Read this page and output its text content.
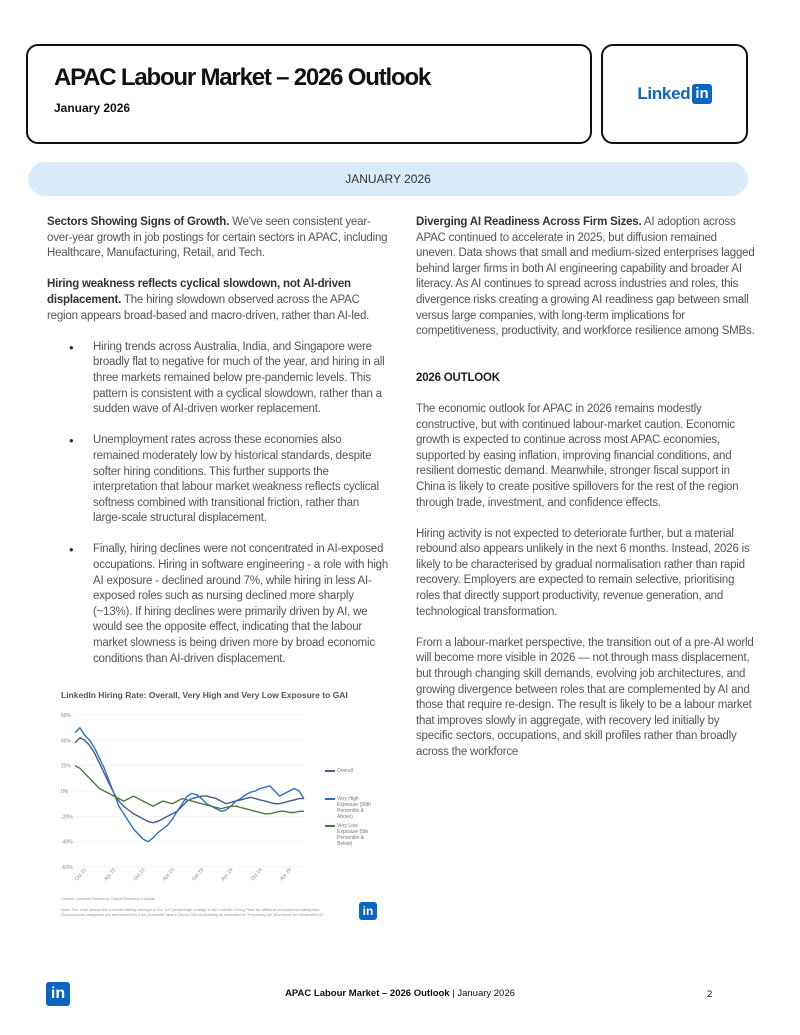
APAC Labour Market – 2026 Outlook
January 2026
Linked in
JANUARY 2026

Sectors Showing Signs of Growth. We've seen consistent year-over-year growth in job postings for certain sectors in APAC, including Healthcare, Manufacturing, Retail, and Tech.

Hiring weakness reflects cyclical slowdown, not AI-driven displacement. The hiring slowdown observed across the APAC region appears broad-based and macro-driven, rather than AI-led.

• Hiring trends across Australia, India, and Singapore were broadly flat to negative for much of the year, and hiring in all three markets remained below pre-pandemic levels. This pattern is consistent with a cyclical slowdown, rather than a sudden wave of AI-driven worker replacement.
• Unemployment rates across these economies also remained moderately low by historical standards, despite softer hiring conditions. This further supports the interpretation that labour market weakness reflects cyclical softness combined with transitional friction, rather than large-scale structural displacement.
• Finally, hiring declines were not concentrated in AI-exposed occupations. Hiring in software engineering - a role with high AI exposure - declined around 7%, while hiring in less AI-exposed roles such as nursing declined more sharply (~13%). If hiring declines were primarily driven by AI, we would see the opposite effect, indicating that the labour market slowness is being driven more by broad economic conditions than AI-driven displacement.

Diverging AI Readiness Across Firm Sizes. AI adoption across APAC continued to accelerate in 2025, but diffusion remained uneven. Data shows that small and medium-sized enterprises lagged behind larger firms in both AI engineering capability and broader AI literacy. As AI continues to spread across industries and roles, this divergence risks creating a growing AI readiness gap between small versus large companies, with long-term implications for competitiveness, productivity, and workforce resilience among SMBs.

2026 OUTLOOK

The economic outlook for APAC in 2026 remains modestly constructive, but with continued labour-market caution. Economic growth is expected to continue across most APAC economies, supported by easing inflation, improving financial conditions, and resilient domestic demand. Meanwhile, stronger fiscal support in China is likely to create positive spillovers for the rest of the region through trade, investment, and confidence effects.

Hiring activity is not expected to deteriorate further, but a material rebound also appears unlikely in the next 6 months. Instead, 2026 is likely to be characterised by gradual normalisation rather than rapid recovery. Employers are expected to remain selective, prioritising roles that directly support productivity, revenue generation, and technological transformation.

From a labour-market perspective, the transition out of a pre-AI world will become more visible in 2026 — not through mass displacement, but through changing skill demands, evolving job architectures, and growing divergence between roles that are complemented by AI and those that require re-design. The result is likely to be a labour market that improves slowly in aggregate, with recovery led initially by specific sectors, occupations, and skill profiles rather than broadly across the workforce

LinkedIn Hiring Rate: Overall, Very High and Very Low Exposure to GAI
60%
40%
20%
0%
-20%
-40%
-60% Oct 21	Apr 22	Oct 22	Apr 23	Oct 23	Apr 24	Oct 24	Apr 25
Overall
Very High Exposure (90th Percentile & Above)
Very Low Exposure (5th Percentile & Below)
Source: LinkedIn Economic Graph Research Institute
Note: The chart shows the 3-month trailing average of the YoY percentage change in the LinkedIn Hiring Rate for different occupational categories. Occupational categories are determined by their percentile rank in terms GAI replicability as described in "Preparing the Workforce for Generative AI"	in
in	APAC Labour Market – 2026 Outlook | January 2026	2
